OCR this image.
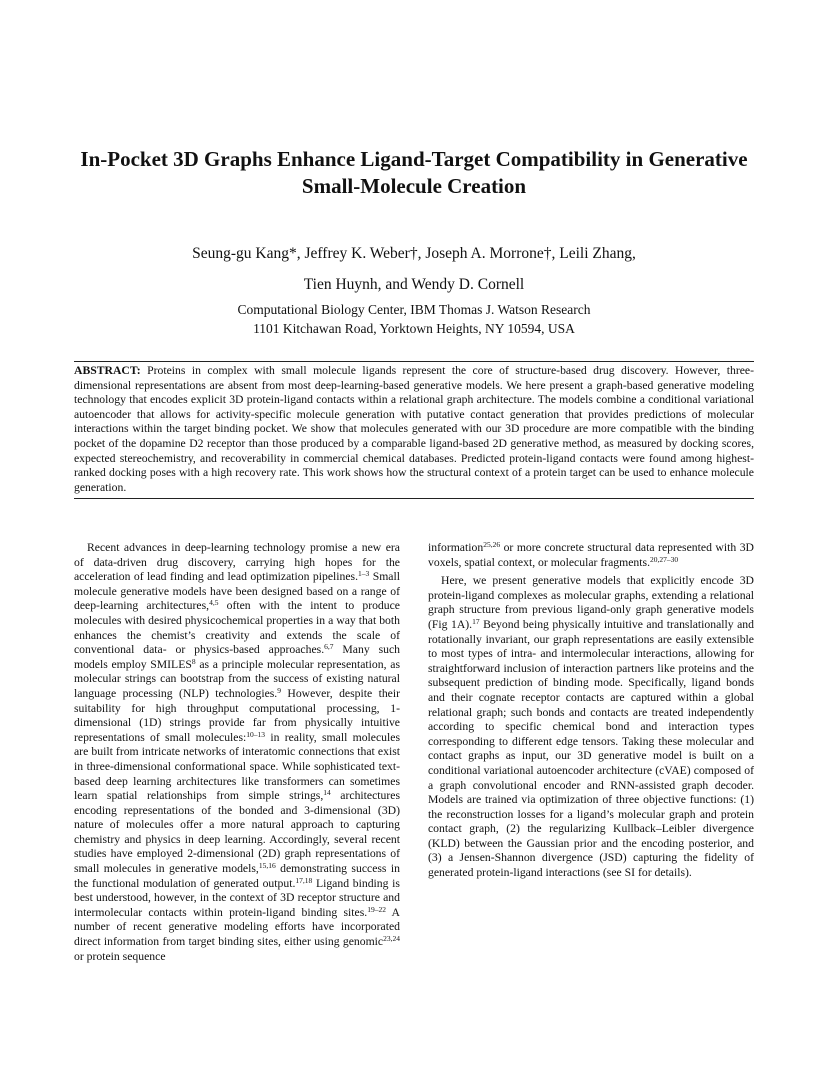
In-Pocket 3D Graphs Enhance Ligand-Target Compatibility in Generative Small-Molecule Creation
Seung-gu Kang*, Jeffrey K. Weber†, Joseph A. Morrone†, Leili Zhang,
Tien Huynh, and Wendy D. Cornell
Computational Biology Center, IBM Thomas J. Watson Research
1101 Kitchawan Road, Yorktown Heights, NY 10594, USA
ABSTRACT: Proteins in complex with small molecule ligands represent the core of structure-based drug discovery. However, three-dimensional representations are absent from most deep-learning-based generative models. We here present a graph-based generative modeling technology that encodes explicit 3D protein-ligand contacts within a relational graph architecture. The models combine a conditional variational autoencoder that allows for activity-specific molecule generation with putative contact generation that provides predictions of molecular interactions within the target binding pocket. We show that molecules generated with our 3D procedure are more compatible with the binding pocket of the dopamine D2 receptor than those produced by a comparable ligand-based 2D generative method, as measured by docking scores, expected stereochemistry, and recoverability in commercial chemical databases. Predicted protein-ligand contacts were found among highest-ranked docking poses with a high recovery rate. This work shows how the structural context of a protein target can be used to enhance molecule generation.

Recent advances in deep-learning technology promise a new era of data-driven drug discovery, carrying high hopes for the acceleration of lead finding and lead optimization pipelines.$^{1-3}$ Small molecule generative models have been designed based on a range of deep-learning architectures,$^{4,5}$ often with the intent to produce molecules with desired physicochemical properties in a way that both enhances the chemist’s creativity and extends the scale of conventional data- or physics-based approaches.$^{6,7}$ Many such models employ SMILES$^8$ as a principle molecular representation, as molecular strings can bootstrap from the success of existing natural language processing (NLP) technologies.$^9$ However, despite their suitability for high throughput computational processing, 1-dimensional (1D) strings provide far from physically intuitive representations of small molecules:$^{10-13}$ in reality, small molecules are built from intricate networks of interatomic connections that exist in three-dimensional conformational space. While sophisticated text-based deep learning architectures like transformers can sometimes learn spatial relationships from simple strings,$^{14}$ architectures encoding representations of the bonded and 3-dimensional (3D) nature of molecules offer a more natural approach to capturing chemistry and physics in deep learning. Accordingly, several recent studies have employed 2-dimensional (2D) graph representations of small molecules in generative models,$^{15,16}$ demonstrating success in the functional modulation of generated output.$^{17,18}$ Ligand binding is best understood, however, in the context of 3D receptor structure and intermolecular contacts within protein-ligand binding sites.$^{19-22}$ A number of recent generative modeling efforts have incorporated direct information from target binding sites, either using genomic$^{23,24}$ or protein sequence

information$^{25,26}$ or more concrete structural data represented with 3D voxels, spatial context, or molecular fragments.$^{20,27-30}$

Here, we present generative models that explicitly encode 3D protein-ligand complexes as molecular graphs, extending a relational graph structure from previous ligand-only graph generative models (Fig 1A).$^{17}$ Beyond being physically intuitive and translationally and rotationally invariant, our graph representations are easily extensible to most types of intra- and intermolecular interactions, allowing for straightforward inclusion of interaction partners like proteins and the subsequent prediction of binding mode. Specifically, ligand bonds and their cognate receptor contacts are captured within a global relational graph; such bonds and contacts are treated independently according to specific chemical bond and interaction types corresponding to different edge tensors. Taking these molecular and contact graphs as input, our 3D generative model is built on a conditional variational autoencoder architecture (cVAE) composed of a graph convolutional encoder and RNN-assisted graph decoder. Models are trained via optimization of three objective functions: (1) the reconstruction losses for a ligand’s molecular graph and protein contact graph, (2) the regularizing Kullback–Leibler divergence (KLD) between the Gaussian prior and the encoding posterior, and (3) a Jensen-Shannon divergence (JSD) capturing the fidelity of generated protein-ligand interactions (see SI for details).
